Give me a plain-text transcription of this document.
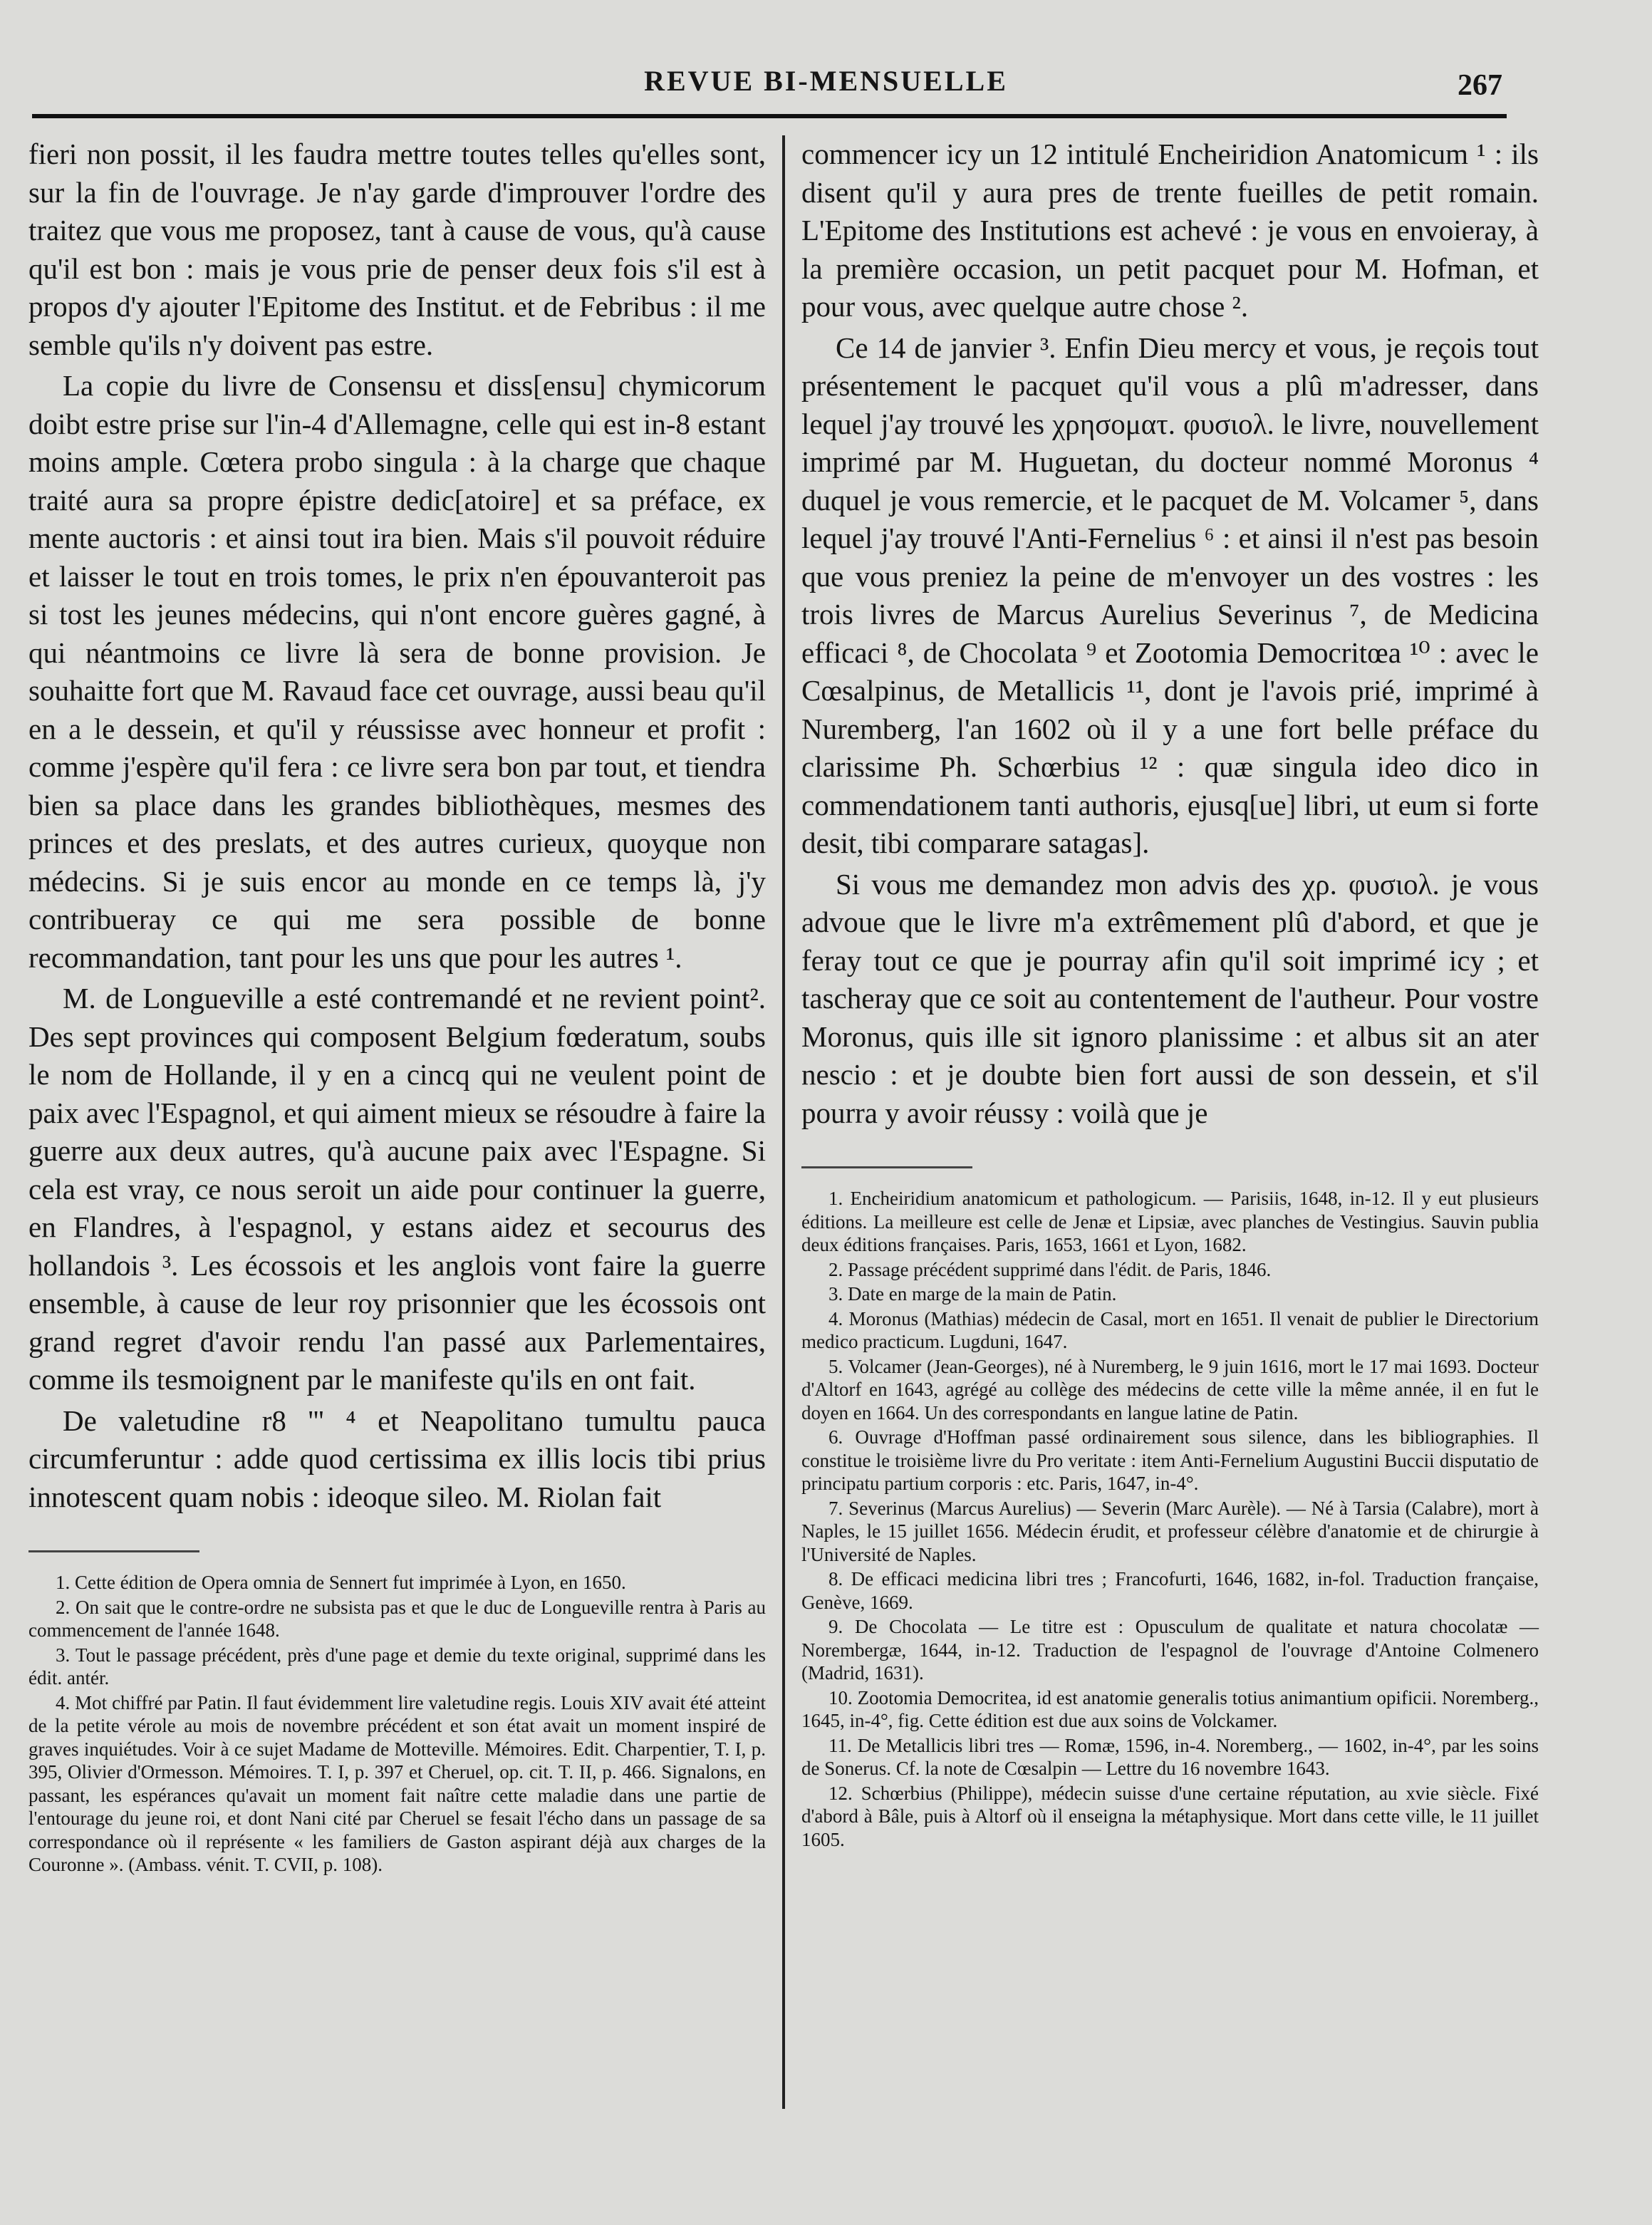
REVUE BI-MENSUELLE	267

fieri non possit, il les faudra mettre toutes telles qu'elles sont, sur la fin de l'ouvrage. Je n'ay garde d'improuver l'ordre des traitez que vous me proposez, tant à cause de vous, qu'à cause qu'il est bon : mais je vous prie de penser deux fois s'il est à propos d'y ajouter l'Epitome des Institut. et de Febribus : il me semble qu'ils n'y doivent pas estre.

La copie du livre de Consensu et diss[ensu] chymicorum doibt estre prise sur l'in-4 d'Allemagne, celle qui est in-8 estant moins ample. Cœtera probo singula : à la charge que chaque traité aura sa propre épistre dedic[atoire] et sa préface, ex mente auctoris : et ainsi tout ira bien. Mais s'il pouvoit réduire et laisser le tout en trois tomes, le prix n'en épouvanteroit pas si tost les jeunes médecins, qui n'ont encore guères gagné, à qui néantmoins ce livre là sera de bonne provision. Je souhaitte fort que M. Ravaud face cet ouvrage, aussi beau qu'il en a le dessein, et qu'il y réussisse avec honneur et profit : comme j'espère qu'il fera : ce livre sera bon par tout, et tiendra bien sa place dans les grandes bibliothèques, mesmes des princes et des preslats, et des autres curieux, quoyque non médecins. Si je suis encor au monde en ce temps là, j'y contribueray ce qui me sera possible de bonne recommandation, tant pour les uns que pour les autres ¹.

M. de Longueville a esté contremandé et ne revient point². Des sept provinces qui composent Belgium fœderatum, soubs le nom de Hollande, il y en a cincq qui ne veulent point de paix avec l'Espagnol, et qui aiment mieux se résoudre à faire la guerre aux deux autres, qu'à aucune paix avec l'Espagne. Si cela est vray, ce nous seroit un aide pour continuer la guerre, en Flandres, à l'espagnol, y estans aidez et secourus des hollandois ³. Les écossois et les anglois vont faire la guerre ensemble, à cause de leur roy prisonnier que les écossois ont grand regret d'avoir rendu l'an passé aux Parlementaires, comme ils tesmoignent par le manifeste qu'ils en ont fait.

De valetudine r8 ''' ⁴ et Neapolitano tumultu pauca circumferuntur : adde quod certissima ex illis locis tibi prius innotescent quam nobis : ideoque sileo. M. Riolan fait

1. Cette édition de Opera omnia de Sennert fut imprimée à Lyon, en 1650.

2. On sait que le contre-ordre ne subsista pas et que le duc de Longueville rentra à Paris au commencement de l'année 1648.

3. Tout le passage précédent, près d'une page et demie du texte original, supprimé dans les édit. antér.

4. Mot chiffré par Patin. Il faut évidemment lire valetudine regis. Louis XIV avait été atteint de la petite vérole au mois de novembre précédent et son état avait un moment inspiré de graves inquiétudes. Voir à ce sujet Madame de Motteville. Mémoires. Edit. Charpentier, T. I, p. 395, Olivier d'Ormesson. Mémoires. T. I, p. 397 et Cheruel, op. cit. T. II, p. 466. Signalons, en passant, les espérances qu'avait un moment fait naître cette maladie dans une partie de l'entourage du jeune roi, et dont Nani cité par Cheruel se fesait l'écho dans un passage de sa correspondance où il représente « les familiers de Gaston aspirant déjà aux charges de la Couronne ». (Ambass. vénit. T. CVII, p. 108).

commencer icy un 12 intitulé Encheiridion Anatomicum ¹ : ils disent qu'il y aura pres de trente fueilles de petit romain. L'Epitome des Institutions est achevé : je vous en envoieray, à la première occasion, un petit pacquet pour M. Hofman, et pour vous, avec quelque autre chose ².

Ce 14 de janvier ³. Enfin Dieu mercy et vous, je reçois tout présentement le pacquet qu'il vous a plû m'adresser, dans lequel j'ay trouvé les χρησοματ. φυσιολ. le livre, nouvellement imprimé par M. Huguetan, du docteur nommé Moronus ⁴ duquel je vous remercie, et le pacquet de M. Volcamer ⁵, dans lequel j'ay trouvé l'Anti-Fernelius ⁶ : et ainsi il n'est pas besoin que vous preniez la peine de m'envoyer un des vostres : les trois livres de Marcus Aurelius Severinus ⁷, de Medicina efficaci ⁸, de Chocolata ⁹ et Zootomia Democritœa ¹⁰ : avec le Cœsalpinus, de Metallicis ¹¹, dont je l'avois prié, imprimé à Nuremberg, l'an 1602 où il y a une fort belle préface du clarissime Ph. Schœrbius ¹² : quæ singula ideo dico in commendationem tanti authoris, ejusq[ue] libri, ut eum si forte desit, tibi comparare satagas].

Si vous me demandez mon advis des χρ. φυσιολ. je vous advoue que le livre m'a extrêmement plû d'abord, et que je feray tout ce que je pourray afin qu'il soit imprimé icy ; et tascheray que ce soit au contentement de l'autheur. Pour vostre Moronus, quis ille sit ignoro planissime : et albus sit an ater nescio : et je doubte bien fort aussi de son dessein, et s'il pourra y avoir réussy : voilà que je

1. Encheiridium anatomicum et pathologicum. — Parisiis, 1648, in-12. Il y eut plusieurs éditions. La meilleure est celle de Jenæ et Lipsiæ, avec planches de Vestingius. Sauvin publia deux éditions françaises. Paris, 1653, 1661 et Lyon, 1682.

2. Passage précédent supprimé dans l'édit. de Paris, 1846.

3. Date en marge de la main de Patin.

4. Moronus (Mathias) médecin de Casal, mort en 1651. Il venait de publier le Directorium medico practicum. Lugduni, 1647.

5. Volcamer (Jean-Georges), né à Nuremberg, le 9 juin 1616, mort le 17 mai 1693. Docteur d'Altorf en 1643, agrégé au collège des médecins de cette ville la même année, il en fut le doyen en 1664. Un des correspondants en langue latine de Patin.

6. Ouvrage d'Hoffman passé ordinairement sous silence, dans les bibliographies. Il constitue le troisième livre du Pro veritate : item Anti-Fernelium Augustini Buccii disputatio de principatu partium corporis : etc. Paris, 1647, in-4°.

7. Severinus (Marcus Aurelius) — Severin (Marc Aurèle). — Né à Tarsia (Calabre), mort à Naples, le 15 juillet 1656. Médecin érudit, et professeur célèbre d'anatomie et de chirurgie à l'Université de Naples.

8. De efficaci medicina libri tres ; Francofurti, 1646, 1682, in-fol. Traduction française, Genève, 1669.

9. De Chocolata — Le titre est : Opusculum de qualitate et natura chocolatæ — Norembergæ, 1644, in-12. Traduction de l'espagnol de l'ouvrage d'Antoine Colmenero (Madrid, 1631).

10. Zootomia Democritea, id est anatomie generalis totius animantium opificii. Noremberg., 1645, in-4°, fig. Cette édition est due aux soins de Volckamer.

11. De Metallicis libri tres — Romæ, 1596, in-4. Noremberg., — 1602, in-4°, par les soins de Sonerus. Cf. la note de Cœsalpin — Lettre du 16 novembre 1643.

12. Schœrbius (Philippe), médecin suisse d'une certaine réputation, au xvie siècle. Fixé d'abord à Bâle, puis à Altorf où il enseigna la métaphysique. Mort dans cette ville, le 11 juillet 1605.
